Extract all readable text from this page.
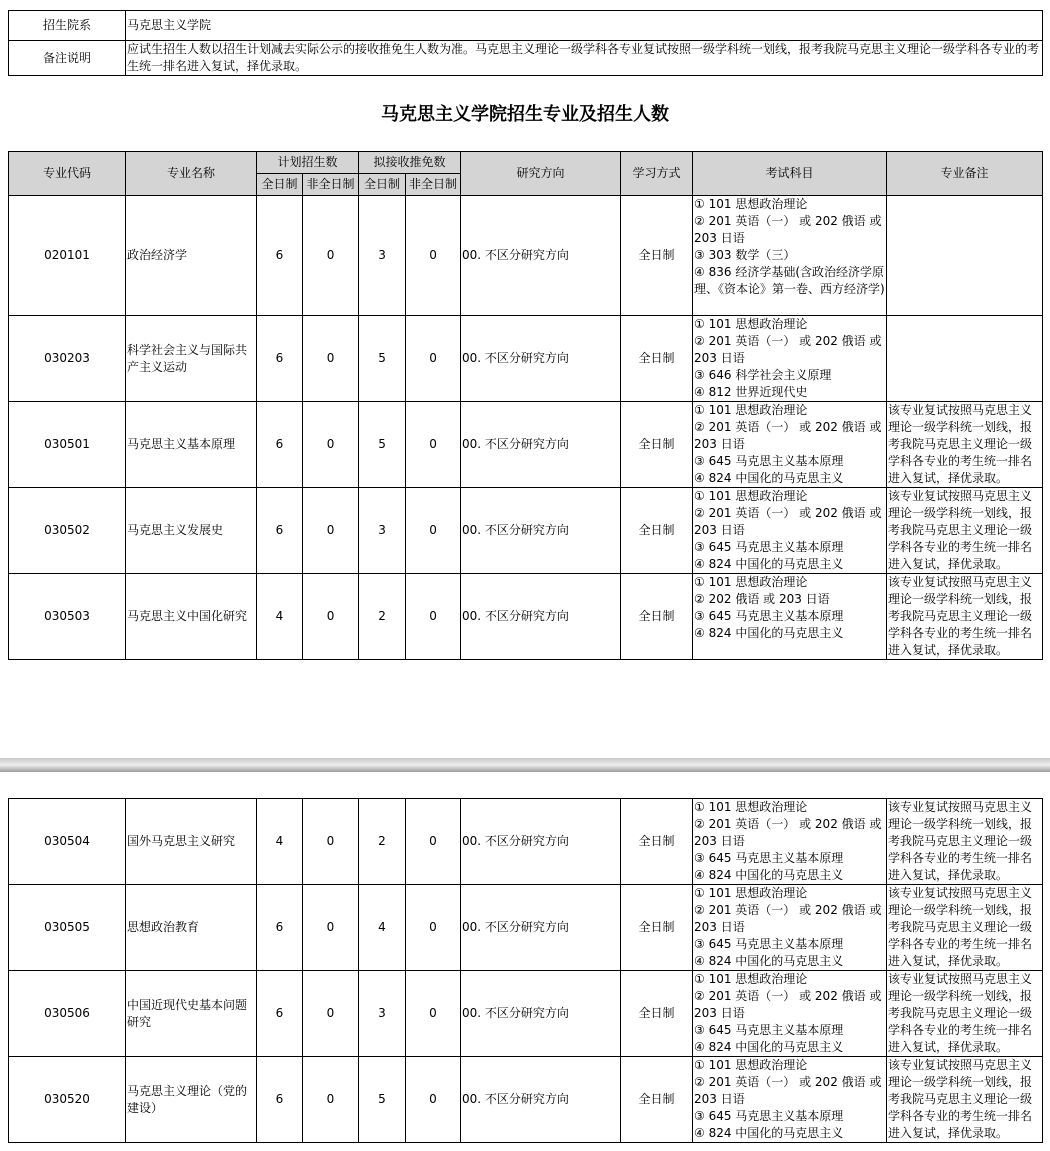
招生院系	马克思主义学院
备注说明	应试生招生人数以招生计划减去实际公示的接收推免生人数为准。马克思主义理论一级学科各专业复试按照一级学科统一划线，报考我院马克思主义理论一级学科各专业的考生统一排名进入复试，择优录取。
马克思主义学院招生专业及招生人数
专业代码	专业名称	计划招生数		拟接收推免数		研究方向	学习方式	考试科目	专业备注
		全日制	非全日制	全日制	非全日制				
020101	政治经济学	6	0	3	0	00. 不区分研究方向	全日制	① 101 思想政治理论
② 201 英语（一） 或 202 俄语 或 203 日语
③ 303 数学（三）
④ 836 经济学基础(含政治经济学原理、《资本论》第一卷、西方经济学)	

030203	科学社会主义与国际共产主义运动	6	0	5	0	00. 不区分研究方向	全日制	① 101 思想政治理论
② 201 英语（一） 或 202 俄语 或 203 日语
③ 646 科学社会主义原理
④ 812 世界近现代史	

030501	马克思主义基本原理	6	0	5	0	00. 不区分研究方向	全日制	① 101 思想政治理论
② 201 英语（一） 或 202 俄语 或 203 日语
③ 645 马克思主义基本原理
④ 824 中国化的马克思主义	该专业复试按照马克思主义理论一级学科统一划线，报考我院马克思主义理论一级学科各专业的考生统一排名进入复试，择优录取。
030502	马克思主义发展史	6	0	3	0	00. 不区分研究方向	全日制	① 101 思想政治理论
② 201 英语（一） 或 202 俄语 或 203 日语
③ 645 马克思主义基本原理
④ 824 中国化的马克思主义	该专业复试按照马克思主义理论一级学科统一划线，报考我院马克思主义理论一级学科各专业的考生统一排名进入复试，择优录取。
030503	马克思主义中国化研究	4	0	2	0	00. 不区分研究方向	全日制	① 101 思想政治理论
② 202 俄语 或 203 日语
③ 645 马克思主义基本原理
④ 824 中国化的马克思主义	该专业复试按照马克思主义理论一级学科统一划线，报考我院马克思主义理论一级学科各专业的考生统一排名进入复试，择优录取。
030504	国外马克思主义研究	4	0	2	0	00. 不区分研究方向	全日制	① 101 思想政治理论
② 201 英语（一） 或 202 俄语 或 203 日语
③ 645 马克思主义基本原理
④ 824 中国化的马克思主义	该专业复试按照马克思主义理论一级学科统一划线，报考我院马克思主义理论一级学科各专业的考生统一排名进入复试，择优录取。
030505	思想政治教育	6	0	4	0	00. 不区分研究方向	全日制	① 101 思想政治理论
② 201 英语（一） 或 202 俄语 或 203 日语
③ 645 马克思主义基本原理
④ 824 中国化的马克思主义	该专业复试按照马克思主义理论一级学科统一划线，报考我院马克思主义理论一级学科各专业的考生统一排名进入复试，择优录取。
030506	中国近现代史基本问题研究	6	0	3	0	00. 不区分研究方向	全日制	① 101 思想政治理论
② 201 英语（一） 或 202 俄语 或 203 日语
③ 645 马克思主义基本原理
④ 824 中国化的马克思主义	该专业复试按照马克思主义理论一级学科统一划线，报考我院马克思主义理论一级学科各专业的考生统一排名进入复试，择优录取。
030520	马克思主义理论（党的建设）	6	0	5	0	00. 不区分研究方向	全日制	① 101 思想政治理论
② 201 英语（一） 或 202 俄语 或 203 日语
③ 645 马克思主义基本原理
④ 824 中国化的马克思主义	该专业复试按照马克思主义理论一级学科统一划线，报考我院马克思主义理论一级学科各专业的考生统一排名进入复试，择优录取。
